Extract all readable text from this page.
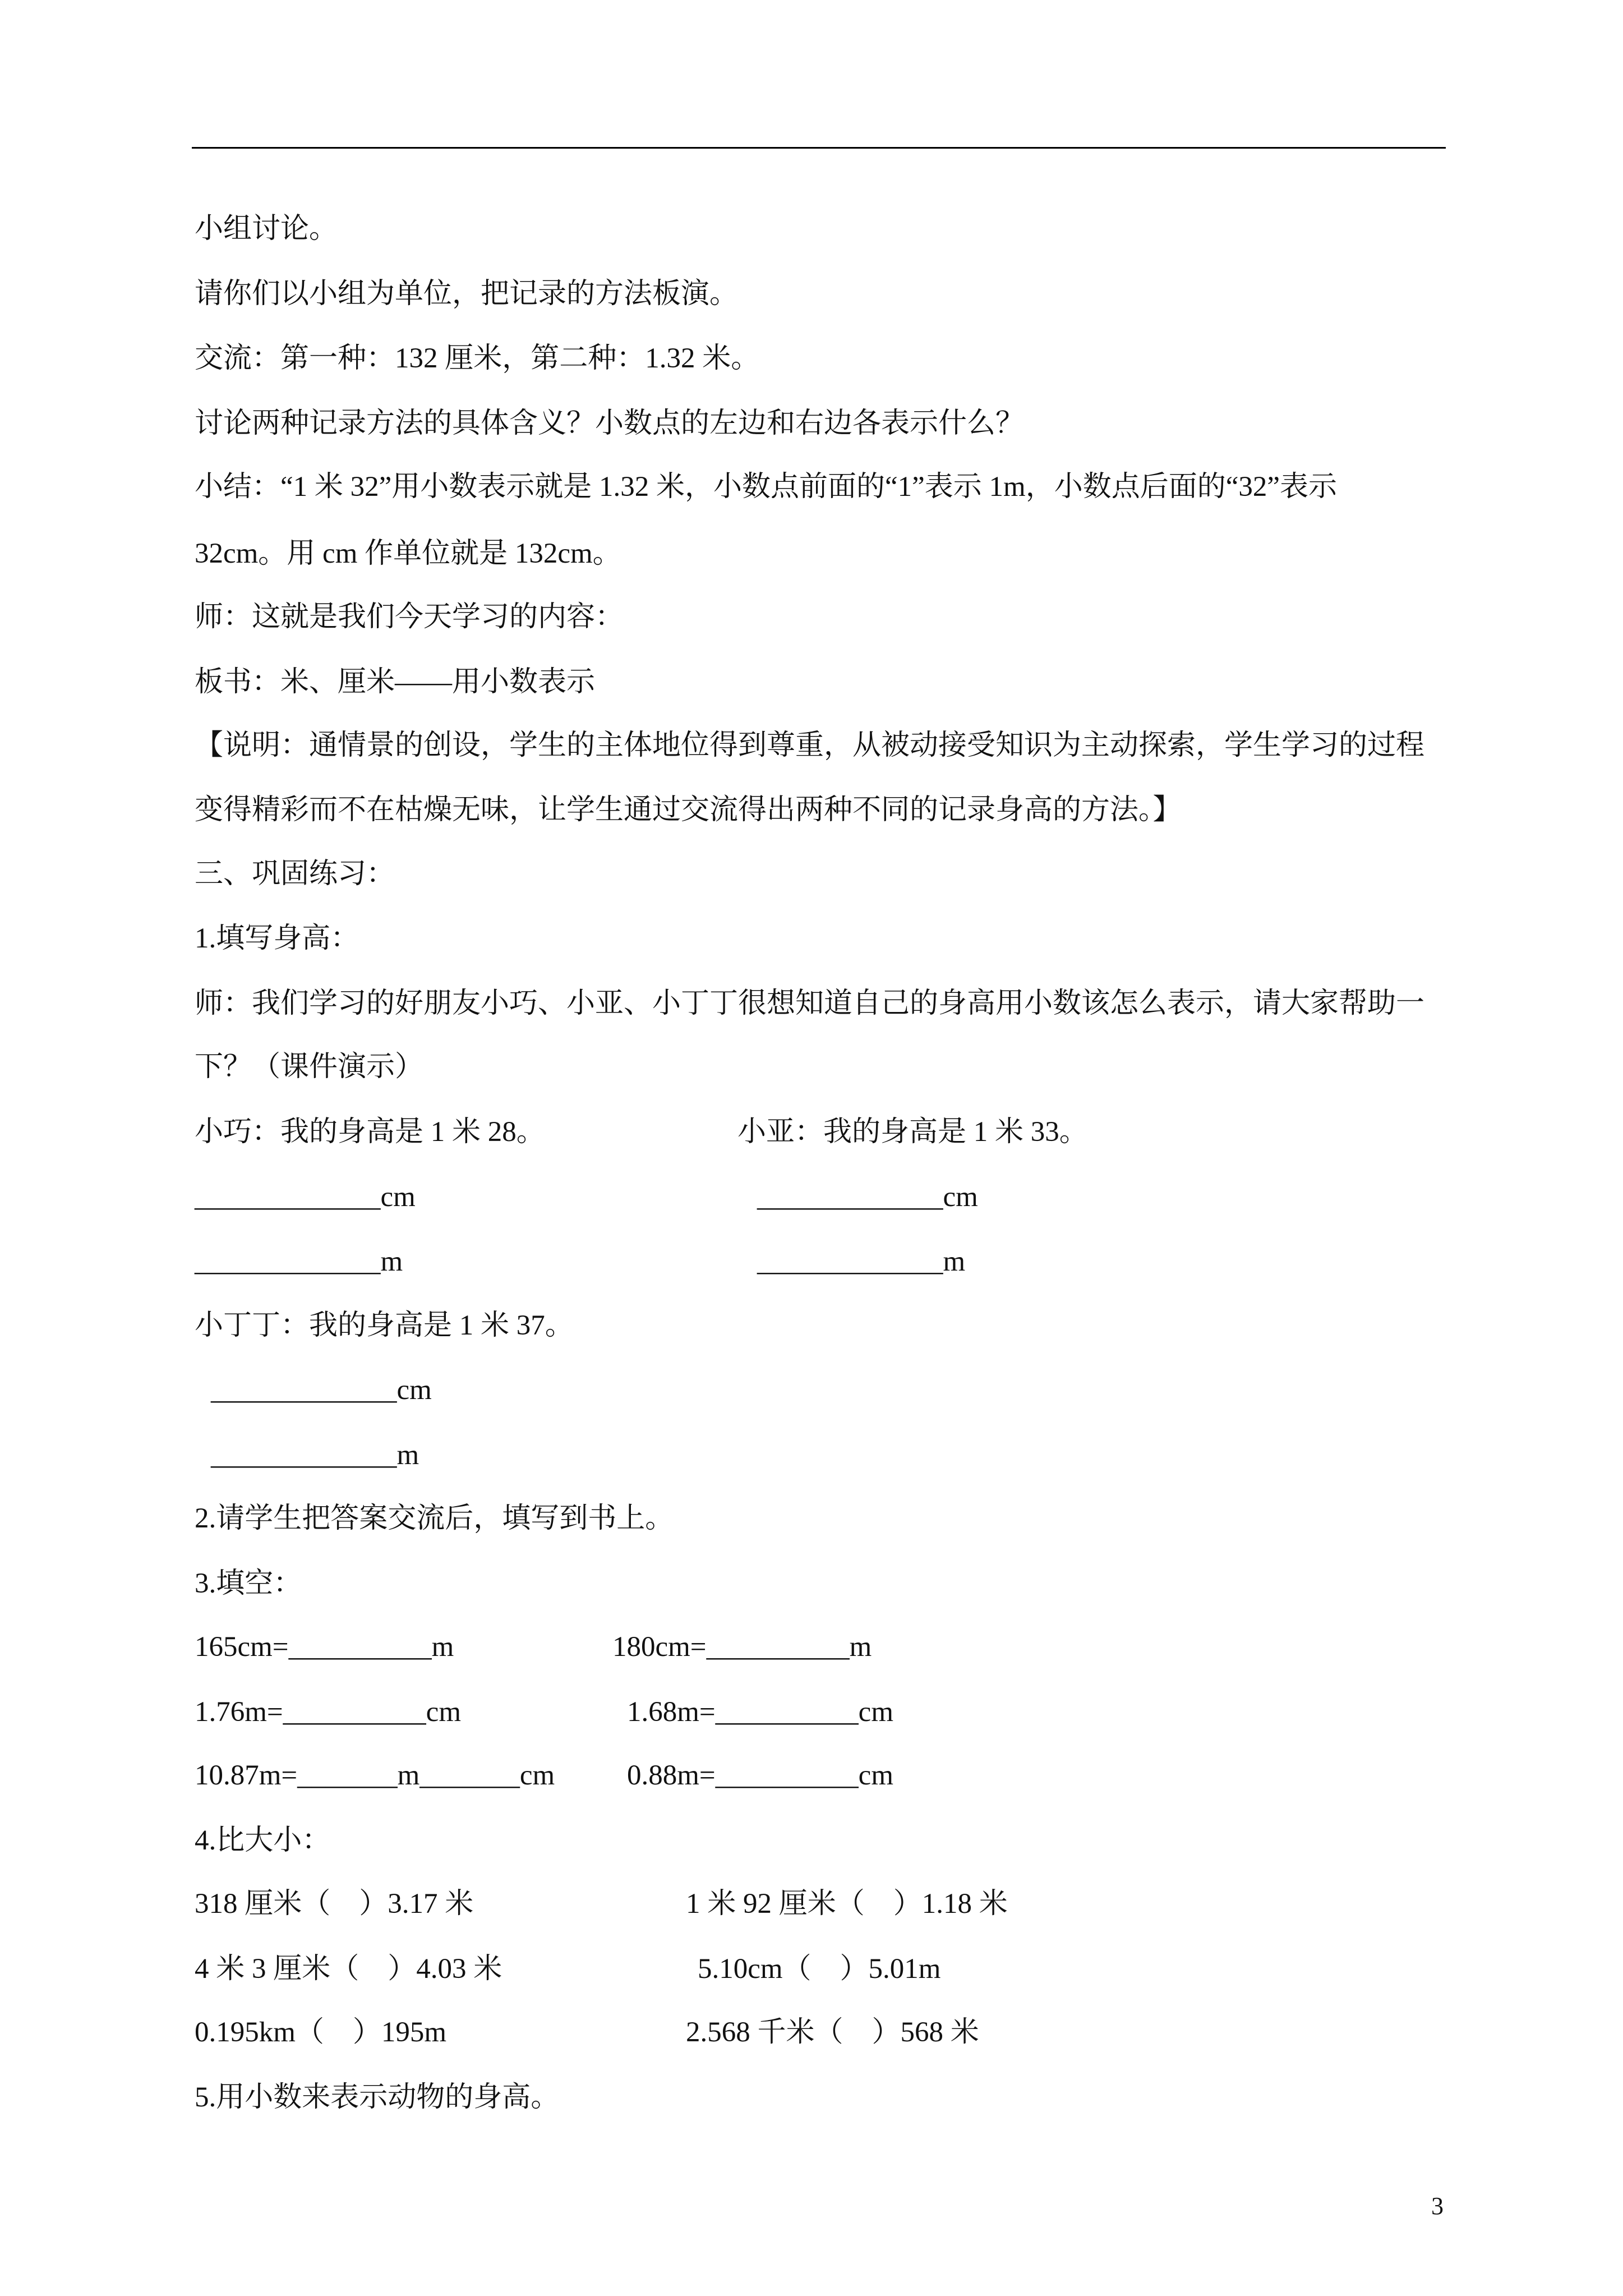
小组讨论。
请你们以小组为单位，把记录的方法板演。
交流：第一种：132 厘米，第二种：1.32 米。
讨论两种记录方法的具体含义？小数点的左边和右边各表示什么？
小结：“1 米 32”用小数表示就是 1.32 米，小数点前面的“1”表示 1m，小数点后面的“32”表示
32cm。用 cm 作单位就是 132cm。
师：这就是我们今天学习的内容：
板书：米、厘米——用小数表示
【说明：通情景的创设，学生的主体地位得到尊重，从被动接受知识为主动探索，学生学习的过程
变得精彩而不在枯燥无味，让学生通过交流得出两种不同的记录身高的方法。】
三、巩固练习：
1.填写身高：
师：我们学习的好朋友小巧、小亚、小丁丁很想知道自己的身高用小数该怎么表示，请大家帮助一
下？（课件演示）
小巧：我的身高是 1 米 28。	小亚：我的身高是 1 米 33。
_____________cm	_____________cm
_____________m	_____________m
小丁丁：我的身高是 1 米 37。
_____________cm
_____________m
2.请学生把答案交流后，填写到书上。
3.填空：
165cm=__________m	180cm=__________m
1.76m=__________cm	1.68m=__________cm
10.87m=_______m_______cm	0.88m=__________cm
4.比大小：
318 厘米（    ）3.17 米	1 米 92 厘米（    ）1.18 米
4 米 3 厘米（    ）4.03 米	5.10cm（    ）5.01m
0.195km（    ）195m	2.568 千米（    ）568 米
5.用小数来表示动物的身高。
3
